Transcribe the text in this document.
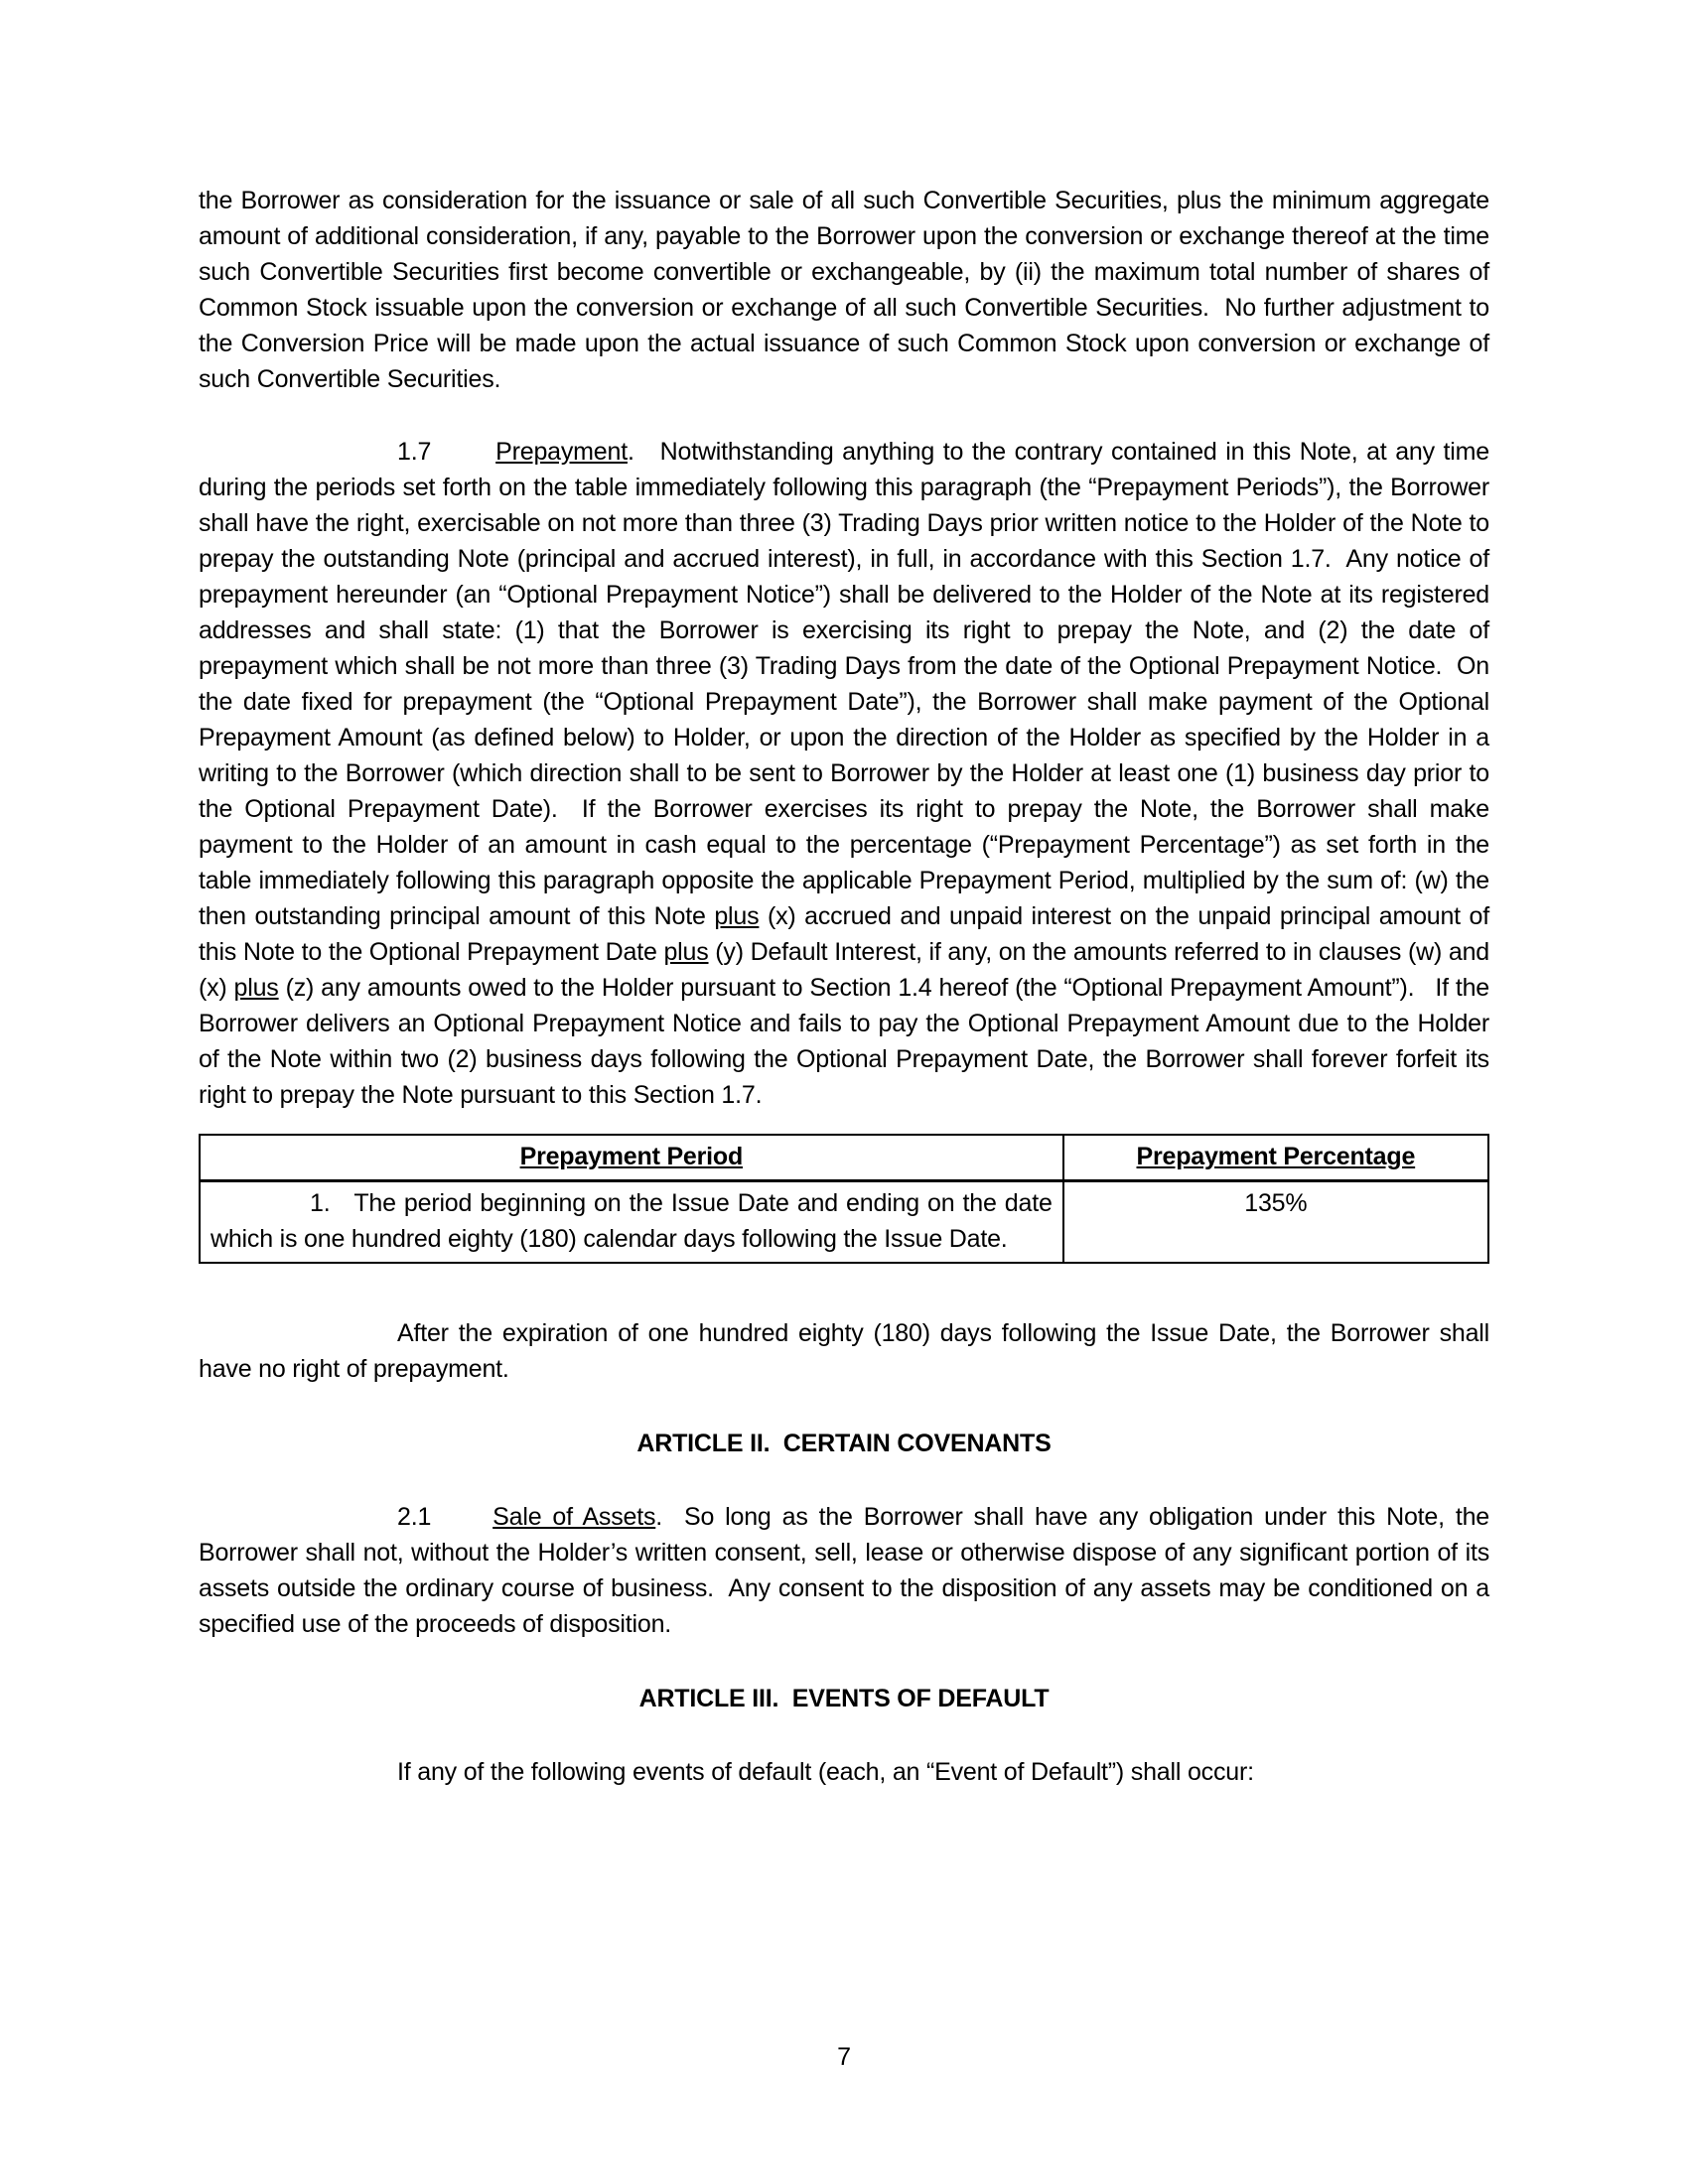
the Borrower as consideration for the issuance or sale of all such Convertible Securities, plus the minimum aggregate amount of additional consideration, if any, payable to the Borrower upon the conversion or exchange thereof at the time such Convertible Securities first become convertible or exchangeable, by (ii) the maximum total number of shares of Common Stock issuable upon the conversion or exchange of all such Convertible Securities.  No further adjustment to the Conversion Price will be made upon the actual issuance of such Common Stock upon conversion or exchange of such Convertible Securities.

1.7	Prepayment.   Notwithstanding anything to the contrary contained in this Note, at any time during the periods set forth on the table immediately following this paragraph (the “Prepayment Periods”), the Borrower shall have the right, exercisable on not more than three (3) Trading Days prior written notice to the Holder of the Note to prepay the outstanding Note (principal and accrued interest), in full, in accordance with this Section 1.7.  Any notice of prepayment hereunder (an “Optional Prepayment Notice”) shall be delivered to the Holder of the Note at its registered addresses and shall state: (1) that the Borrower is exercising its right to prepay the Note, and (2) the date of prepayment which shall be not more than three (3) Trading Days from the date of the Optional Prepayment Notice.  On the date fixed for prepayment (the “Optional Prepayment Date”), the Borrower shall make payment of the Optional Prepayment Amount (as defined below) to Holder, or upon the direction of the Holder as specified by the Holder in a writing to the Borrower (which direction shall to be sent to Borrower by the Holder at least one (1) business day prior to the Optional Prepayment Date).  If the Borrower exercises its right to prepay the Note, the Borrower shall make payment to the Holder of an amount in cash equal to the percentage (“Prepayment Percentage”) as set forth in the table immediately following this paragraph opposite the applicable Prepayment Period, multiplied by the sum of: (w) the then outstanding principal amount of this Note plus (x) accrued and unpaid interest on the unpaid principal amount of this Note to the Optional Prepayment Date plus (y) Default Interest, if any, on the amounts referred to in clauses (w) and (x) plus (z) any amounts owed to the Holder pursuant to Section 1.4 hereof (the “Optional Prepayment Amount”).   If the Borrower delivers an Optional Prepayment Notice and fails to pay the Optional Prepayment Amount due to the Holder of the Note within two (2) business days following the Optional Prepayment Date, the Borrower shall forever forfeit its right to prepay the Note pursuant to this Section 1.7.

Prepayment Period	Prepayment Percentage
1.   The period beginning on the Issue Date and ending on the date which is one hundred eighty (180) calendar days following the Issue Date.	135%

After the expiration of one hundred eighty (180) days following the Issue Date, the Borrower shall have no right of prepayment.

ARTICLE II.  CERTAIN COVENANTS

2.1 Sale of Assets.  So long as the Borrower shall have any obligation under this Note, the Borrower shall not, without the Holder’s written consent, sell, lease or otherwise dispose of any significant portion of its assets outside the ordinary course of business.  Any consent to the disposition of any assets may be conditioned on a specified use of the proceeds of disposition.

ARTICLE III.  EVENTS OF DEFAULT

If any of the following events of default (each, an “Event of Default”) shall occur:

7
